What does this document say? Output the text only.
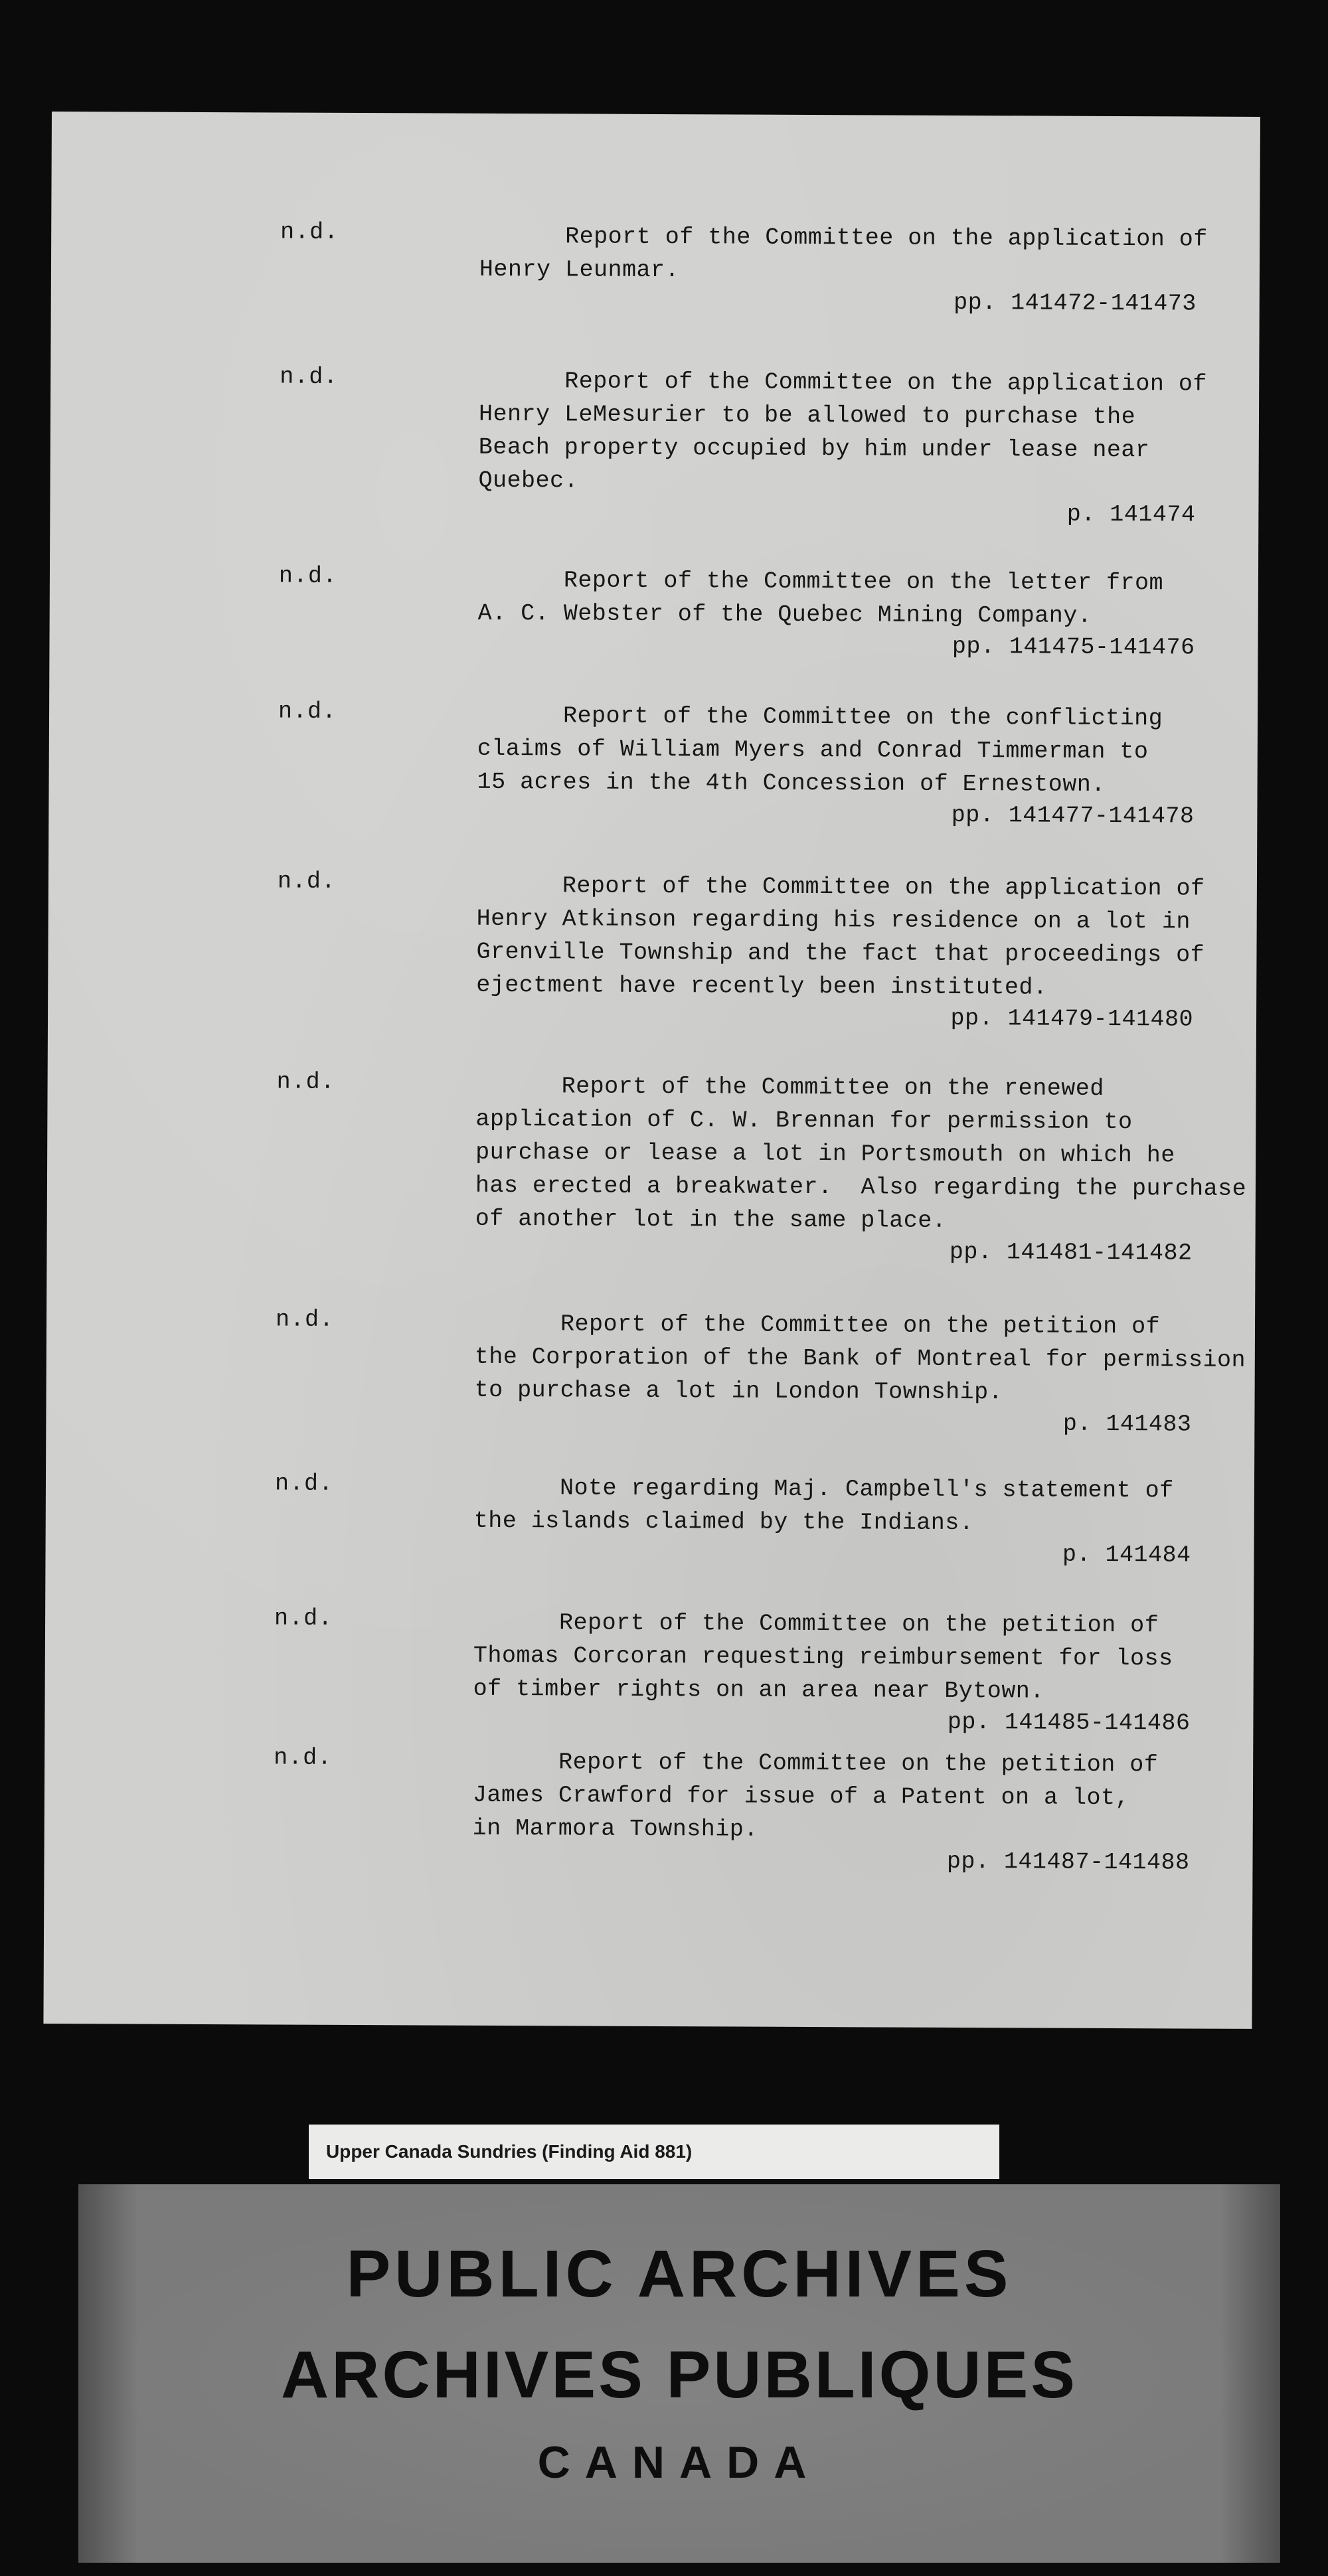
n.d.	Report of the Committee on the application of
Henry Leunmar.
pp. 141472-141473
n.d.	Report of the Committee on the application of
Henry LeMesurier to be allowed to purchase the
Beach property occupied by him under lease near
Quebec.
p. 141474
n.d.	Report of the Committee on the letter from
A. C. Webster of the Quebec Mining Company.
pp. 141475-141476
n.d.	Report of the Committee on the conflicting
claims of William Myers and Conrad Timmerman to
15 acres in the 4th Concession of Ernestown.
pp. 141477-141478
n.d.	Report of the Committee on the application of
Henry Atkinson regarding his residence on a lot in
Grenville Township and the fact that proceedings of
ejectment have recently been instituted.
pp. 141479-141480
n.d.	Report of the Committee on the renewed
application of C. W. Brennan for permission to
purchase or lease a lot in Portsmouth on which he
has erected a breakwater.  Also regarding the purchase
of another lot in the same place.
pp. 141481-141482
n.d.	Report of the Committee on the petition of
the Corporation of the Bank of Montreal for permission
to purchase a lot in London Township.
p. 141483
n.d.	Note regarding Maj. Campbell's statement of
the islands claimed by the Indians.
p. 141484
n.d.	Report of the Committee on the petition of
Thomas Corcoran requesting reimbursement for loss
of timber rights on an area near Bytown.
pp. 141485-141486
n.d.	Report of the Committee on the petition of
James Crawford for issue of a Patent on a lot,
in Marmora Township.
pp. 141487-141488
Upper Canada Sundries (Finding Aid 881)
PUBLIC ARCHIVES
ARCHIVES PUBLIQUES
CANADA
